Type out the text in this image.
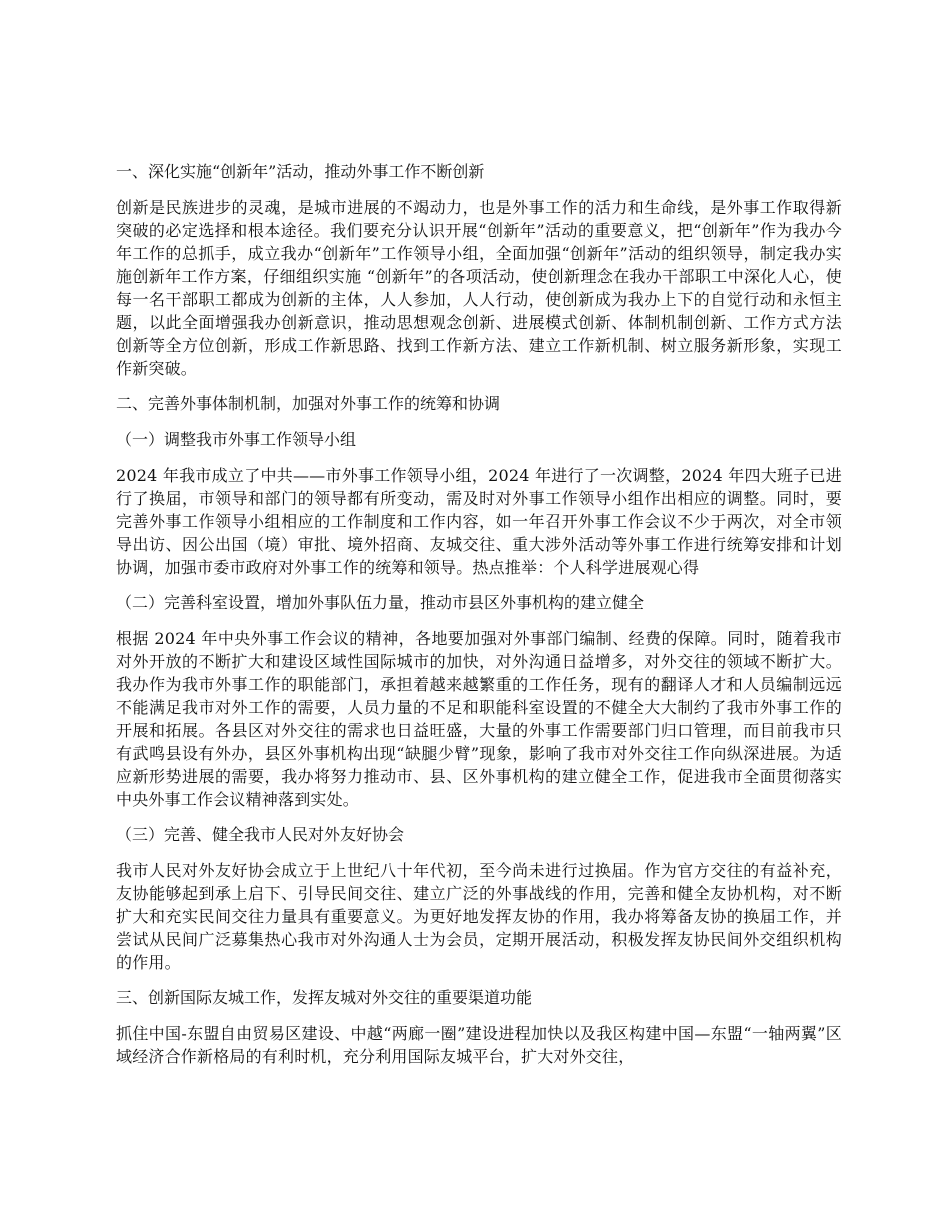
一、深化实施“创新年”活动，推动外事工作不断创新
创新是民族进步的灵魂，是城市进展的不竭动力，也是外事工作的活力和生命线，是外事工作取得新突破的必定选择和根本途径。我们要充分认识开展“创新年”活动的重要意义，把“创新年”作为我办今年工作的总抓手，成立我办“创新年”工作领导小组，全面加强“创新年”活动的组织领导，制定我办实施创新年工作方案，仔细组织实施 “创新年”的各项活动，使创新理念在我办干部职工中深化人心，使每一名干部职工都成为创新的主体，人人参加，人人行动，使创新成为我办上下的自觉行动和永恒主题，以此全面增强我办创新意识，推动思想观念创新、进展模式创新、体制机制创新、工作方式方法创新等全方位创新，形成工作新思路、找到工作新方法、建立工作新机制、树立服务新形象，实现工作新突破。
二、完善外事体制机制，加强对外事工作的统筹和协调
（一）调整我市外事工作领导小组
2024 年我市成立了中共——市外事工作领导小组，2024 年进行了一次调整，2024 年四大班子已进行了换届，市领导和部门的领导都有所变动，需及时对外事工作领导小组作出相应的调整。同时，要完善外事工作领导小组相应的工作制度和工作内容，如一年召开外事工作会议不少于两次，对全市领导出访、因公出国（境）审批、境外招商、友城交往、重大涉外活动等外事工作进行统筹安排和计划协调，加强市委市政府对外事工作的统筹和领导。热点推举：个人科学进展观心得
（二）完善科室设置，增加外事队伍力量，推动市县区外事机构的建立健全
根据 2024 年中央外事工作会议的精神，各地要加强对外事部门编制、经费的保障。同时，随着我市对外开放的不断扩大和建设区域性国际城市的加快，对外沟通日益增多，对外交往的领域不断扩大。我办作为我市外事工作的职能部门，承担着越来越繁重的工作任务，现有的翻译人才和人员编制远远不能满足我市对外工作的需要，人员力量的不足和职能科室设置的不健全大大制约了我市外事工作的开展和拓展。各县区对外交往的需求也日益旺盛，大量的外事工作需要部门归口管理，而目前我市只有武鸣县设有外办，县区外事机构出现“缺腿少臂”现象，影响了我市对外交往工作向纵深进展。为适应新形势进展的需要，我办将努力推动市、县、区外事机构的建立健全工作，促进我市全面贯彻落实中央外事工作会议精神落到实处。
（三）完善、健全我市人民对外友好协会
我市人民对外友好协会成立于上世纪八十年代初，至今尚未进行过换届。作为官方交往的有益补充，友协能够起到承上启下、引导民间交往、建立广泛的外事战线的作用，完善和健全友协机构，对不断扩大和充实民间交往力量具有重要意义。为更好地发挥友协的作用，我办将筹备友协的换届工作，并尝试从民间广泛募集热心我市对外沟通人士为会员，定期开展活动，积极发挥友协民间外交组织机构的作用。
三、创新国际友城工作，发挥友城对外交往的重要渠道功能
抓住中国-东盟自由贸易区建设、中越“两廊一圈”建设进程加快以及我区构建中国—东盟“一轴两翼”区域经济合作新格局的有利时机，充分利用国际友城平台，扩大对外交往，
